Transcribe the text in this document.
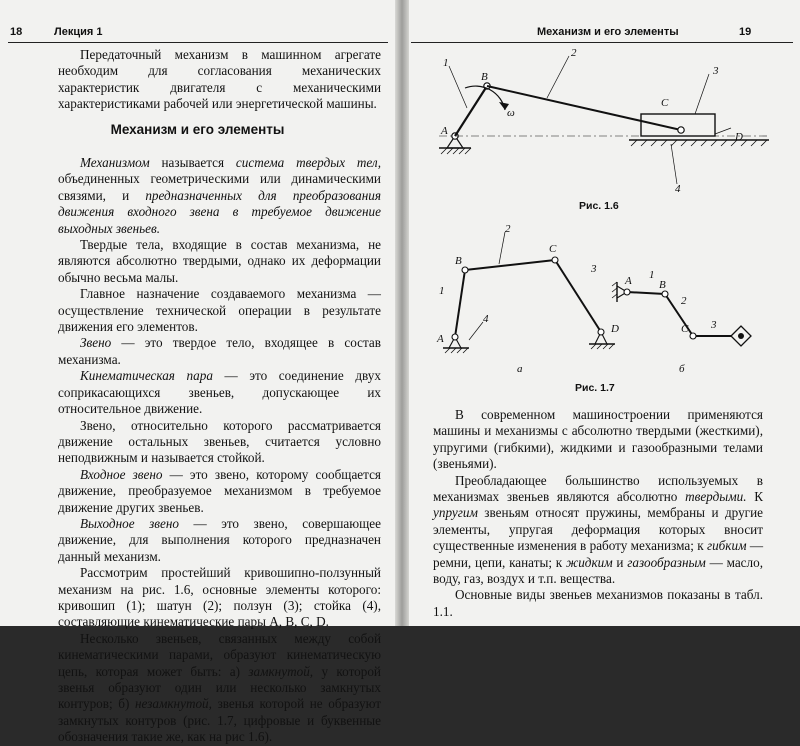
18	Лекция 1

Передаточный механизм в машинном агрегате необходим для согласования механических характеристик двигателя с механическими характеристиками рабочей или энергетической машины.

Механизм и его элементы

Механизмом называется система твердых тел, объединенных геометрическими или динамическими связями, и предназначенных для преобразования движения входного звена в требуемое движение выходных звеньев.

Твердые тела, входящие в состав механизма, не являются абсолютно твердыми, однако их деформации обычно весьма малы.

Главное назначение создаваемого механизма — осуществление технической операции в результате движения его элементов.

Звено — это твердое тело, входящее в состав механизма.

Кинематическая пара — это соединение двух соприкасающихся звеньев, допускающее их относительное движение.

Звено, относительно которого рассматривается движение остальных звеньев, считается условно неподвижным и называется стойкой.

Входное звено — это звено, которому сообщается движение, преобразуемое механизмом в требуемое движение других звеньев.

Выходное звено — это звено, совершающее движение, для выполнения которого предназначен данный механизм.

Рассмотрим простейший кривошипно-ползунный механизм на рис. 1.6, основные элементы которого: кривошип (1); шатун (2); ползун (3); стойка (4), составляющие кинематические пары A, B, C, D.

Несколько звеньев, связанных между собой кинематическими парами, образуют кинематическую цепь, которая может быть: а) замкнутой, у которой звенья образуют один или несколько замкнутых контуров; б) незамкнутой, звенья которой не образуют замкнутых контуров (рис. 1.7, цифровые и буквенные обозначения такие же, как на рис 1.6).

Механизм и его элементы	19
1
2
3
4
A
B
C
D
ω
Рис. 1.6
1
2
3
4
A
B
C
D
1
2
3
A B
C
а	б
Рис. 1.7

В современном машиностроении применяются машины и механизмы с абсолютно твердыми (жесткими), упругими (гибкими), жидкими и газообразными телами (звеньями).

Преобладающее большинство используемых в механизмах звеньев являются абсолютно твердыми. К упругим звеньям относят пружины, мембраны и другие элементы, упругая деформация которых вносит существенные изменения в работу механизма; к гибким — ремни, цепи, канаты; к жидким и газообразным — масло, воду, газ, воздух и т.п. вещества.

Основные виды звеньев механизмов показаны в табл. 1.1.
